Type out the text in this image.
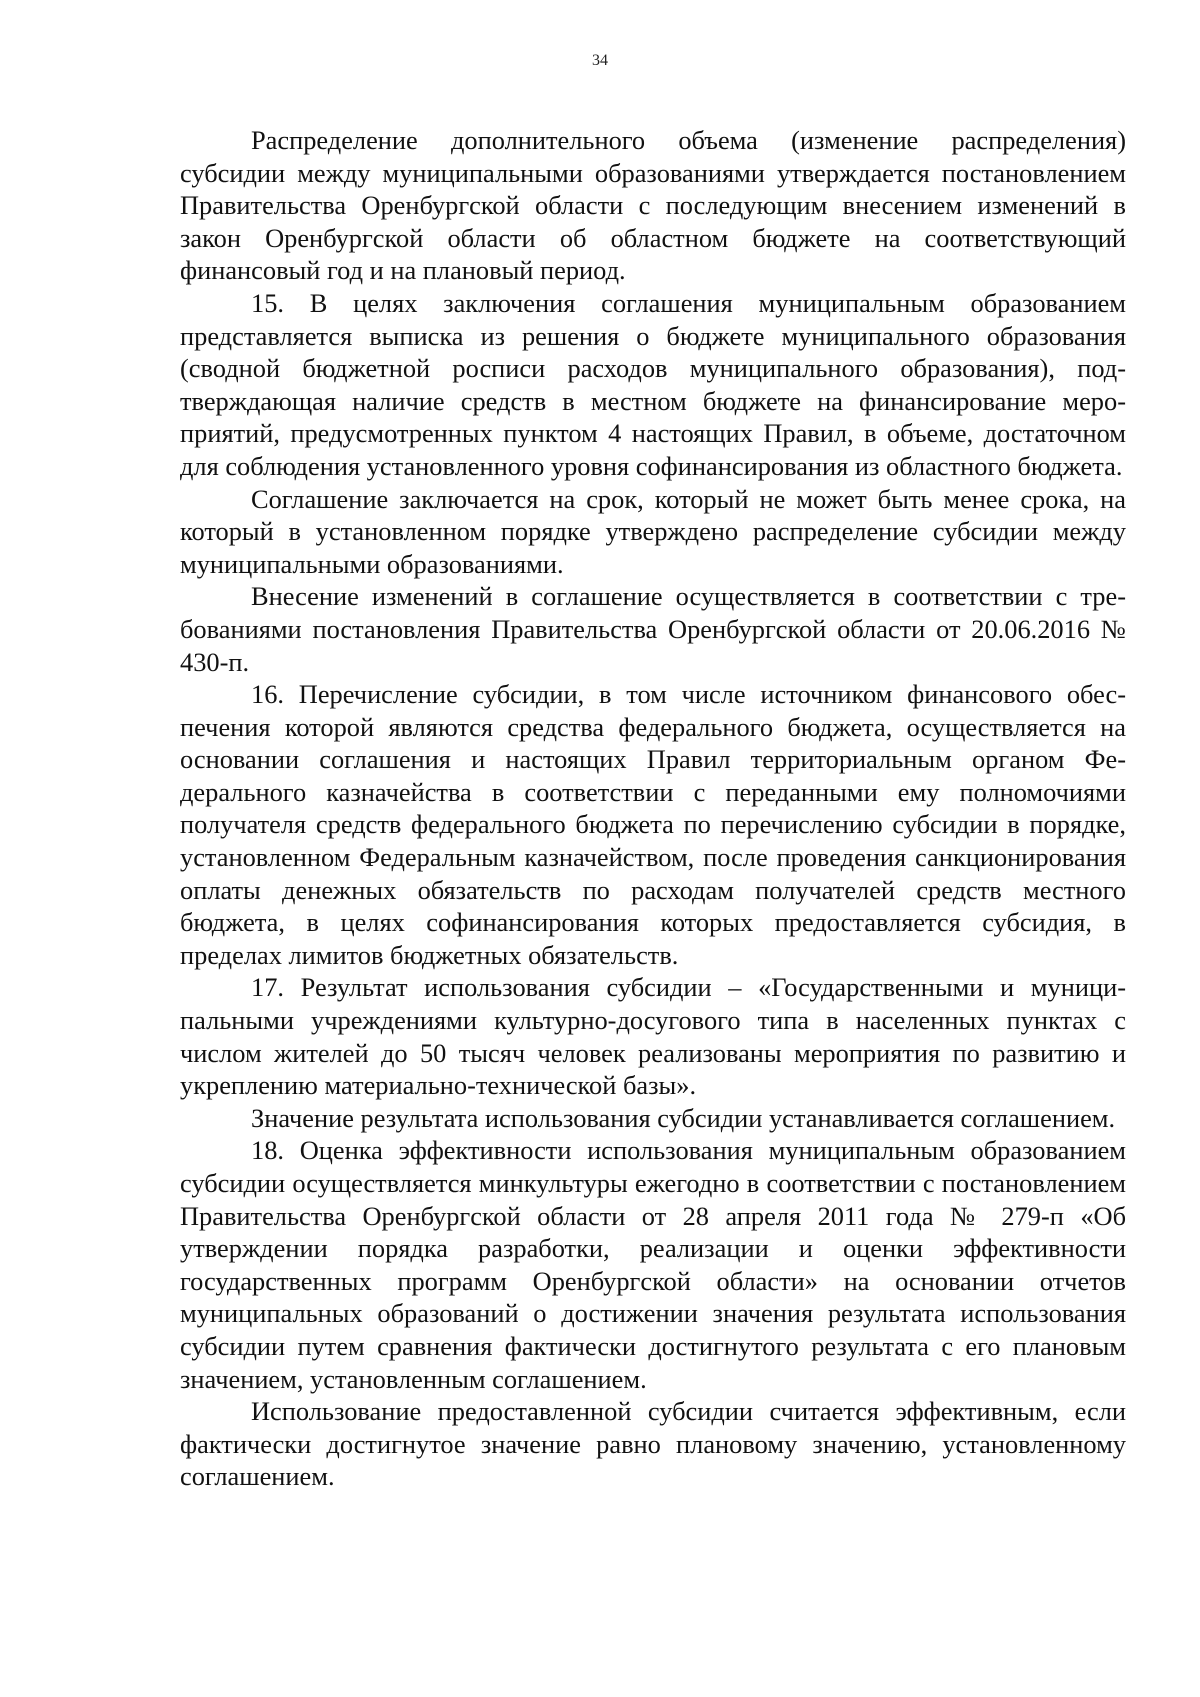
34

Распределение дополнительного объема (изменение распределения) субсидии между муниципальными образованиями утверждается постановлением Правительства Оренбургской области с последующим внесением изменений в закон Оренбургской области об областном бюджете на соответствующий финансовый год и на плановый период.

15. В целях заключения соглашения муниципальным образованием представляется выписка из решения о бюджете муниципального образования (сводной бюджетной росписи расходов муниципального образования), подтверждающая наличие средств в местном бюджете на финансирование мероприятий, предусмотренных пунктом 4 настоящих Правил, в объеме, достаточном для соблюдения установленного уровня софинансирования из областного бюджета.

Соглашение заключается на срок, который не может быть менее срока, на который в установленном порядке утверждено распределение субсидии между муниципальными образованиями.

Внесение изменений в соглашение осуществляется в соответствии с требованиями постановления Правительства Оренбургской области от 20.06.2016 № 430-п.

16. Перечисление субсидии, в том числе источником финансового обеспечения которой являются средства федерального бюджета, осуществляется на основании соглашения и настоящих Правил территориальным органом Федерального казначейства в соответствии с переданными ему полномочиями получателя средств федерального бюджета по перечислению субсидии в порядке, установленном Федеральным казначейством, после проведения санкционирования оплаты денежных обязательств по расходам получателей средств местного бюджета, в целях софинансирования которых предоставляется субсидия, в пределах лимитов бюджетных обязательств.

17. Результат использования субсидии – «Государственными и муниципальными учреждениями культурно-досугового типа в населенных пунктах с числом жителей до 50 тысяч человек реализованы мероприятия по развитию и укреплению материально-технической базы».

Значение результата использования субсидии устанавливается соглашением.

18. Оценка эффективности использования муниципальным образованием субсидии осуществляется минкультуры ежегодно в соответствии с постановлением Правительства Оренбургской области от 28 апреля 2011 года № 279-п «Об утверждении порядка разработки, реализации и оценки эффективности государственных программ Оренбургской области» на основании отчетов муниципальных образований о достижении значения результата использования субсидии путем сравнения фактически достигнутого результата с его плановым значением, установленным соглашением.

Использование предоставленной субсидии считается эффективным, если фактически достигнутое значение равно плановому значению, установленному соглашением.
